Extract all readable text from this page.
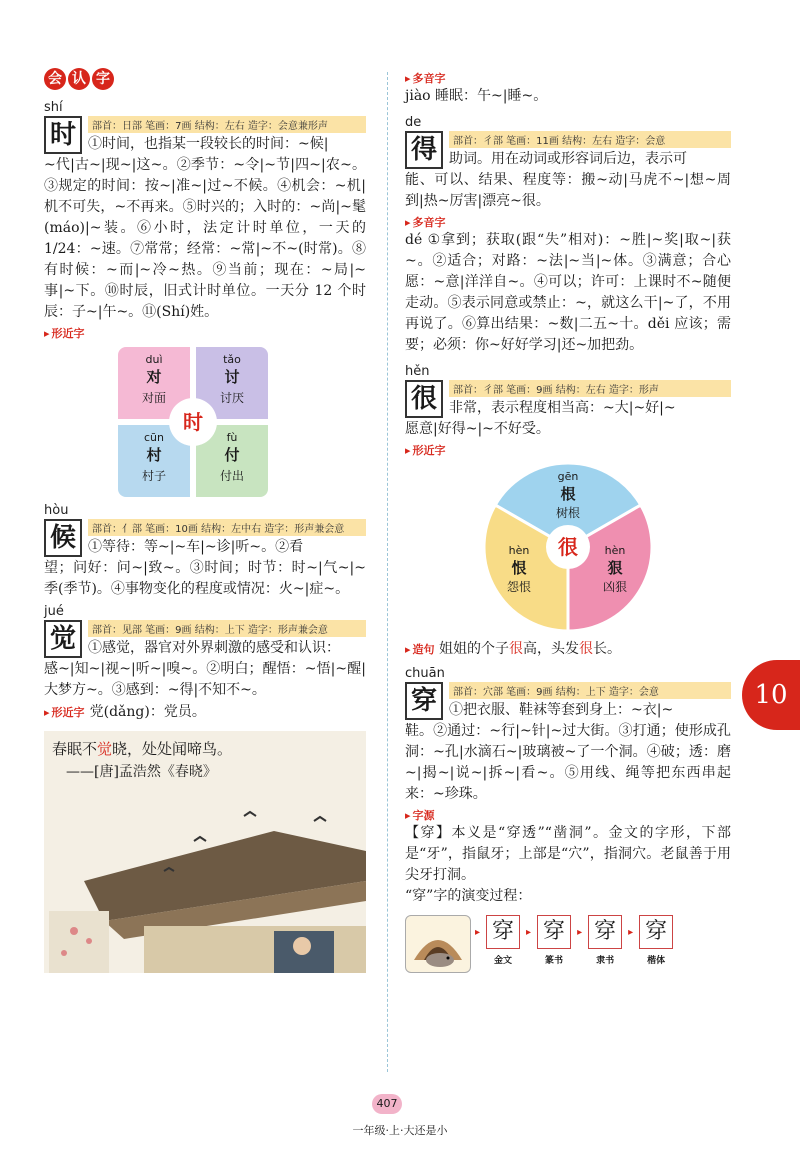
会 认 字
shí
时	部首：日部 笔画：7画 结构：左右 造字：会意兼形声
①时间，也指某一段较长的时间：~候|
~代|古~|现~|这~。②季节：~令|~节|四~|农~。③规定的时间：按~|准~|过~不候。④机会：~机|机不可失，~不再来。⑤时兴的；入时的：~尚|~髦(máo)|~装。⑥小时，法定计时单位，一天的 1/24：~速。⑦常常；经常：~常|~不~(时常)。⑧有时候：~而|~冷~热。⑨当前；现在：~局|~事|~下。⑩时辰，旧式计时单位。一天分 12 个时辰：子~|午~。⑪(Shí)姓。
▸ 形近字
duì
对
对面
tǎo
讨
讨厌
cūn
村
村子
fù
付
付出
时
hòu
候	部首：亻部 笔画：10画 结构：左中右 造字：形声兼会意
①等待：等~|~车|~诊|听~。②看
望；问好：问~|致~。③时间；时节：时~|气~|~季(季节)。④事物变化的程度或情况：火~|症~。
jué
觉	部首：见部 笔画：9画 结构：上下 造字：形声兼会意
①感觉，器官对外界刺激的感受和认识：
感~|知~|视~|听~|嗅~。②明白；醒悟：~悟|~醒|大梦方~。③感到：~得|不知不~。
▸ 形近字 党(dǎng)：党员。
春眠不觉晓，处处闻啼鸟。
——[唐]孟浩然《春晓》
▸ 多音字
jiào 睡眠：午~|睡~。
de
得	部首：彳部 笔画：11画 结构：左右 造字：会意
助词。用在动词或形容词后边，表示可
能、可以、结果、程度等：搬~动|马虎不~|想~周到|热~厉害|漂亮~很。
▸ 多音字
dé ①拿到；获取(跟“失”相对)：~胜|~奖|取~|获~。②适合；对路：~法|~当|~体。③满意；合心愿：~意|洋洋自~。④可以；许可：上课时不~随便走动。⑤表示同意或禁止：~，就这么干|~了，不用再说了。⑥算出结果：~数|二五~十。děi 应该；需要；必须：你~好好学习|还~加把劲。
hěn
很	部首：彳部 笔画：9画 结构：左右 造字：形声
非常，表示程度相当高：~大|~好|~
愿意|好得~|~不好受。
▸ 形近字
gēn
根
树根
hèn
狠
凶狠
hèn
恨
怨恨
很
▸ 造句 姐姐的个子很高，头发很长。
chuān
穿	部首：穴部 笔画：9画 结构：上下 造字：会意
①把衣服、鞋袜等套到身上：~衣|~
鞋。②通过：~行|~针|~过大街。③打通；使形成孔洞：~孔|水滴石~|玻璃被~了一个洞。④破；透：磨~|揭~|说~|拆~|看~。⑤用线、绳等把东西串起来：~珍珠。
▸ 字源
【穿】本义是“穿透”“凿洞”。金文的字形，下部是“牙”，指鼠牙；上部是“穴”，指洞穴。老鼠善于用尖牙打洞。
“穿”字的演变过程：
▸ 穿
金文
▸ 穿
篆书
▸ 穿
隶书
▸ 穿
楷体
10
407
一年级·上·大还是小
